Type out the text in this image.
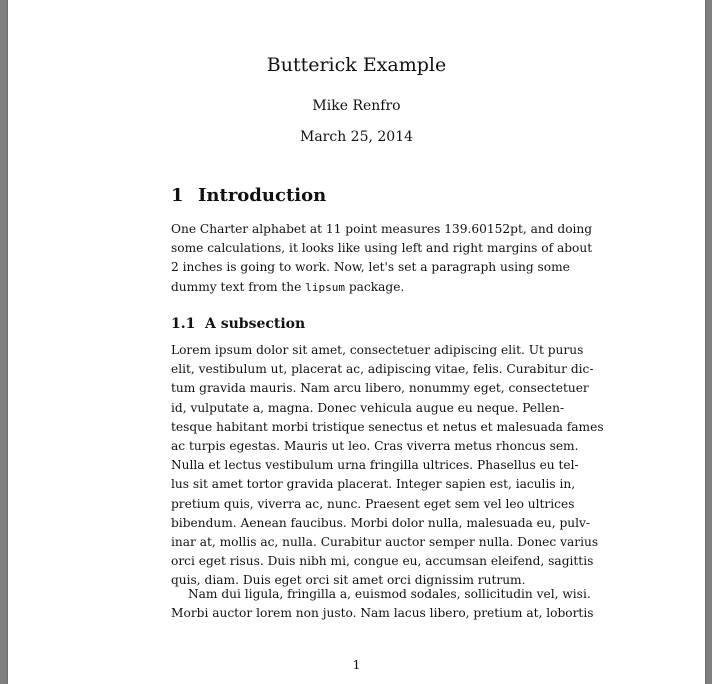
Butterick Example
Mike Renfro
March 25, 2014
1 Introduction
One Charter alphabet at 11 point measures 139.60152pt, and doing
some calculations, it looks like using left and right margins of about
2 inches is going to work. Now, let's set a paragraph using some
dummy text from the lipsum package.
1.1 A subsection
Lorem ipsum dolor sit amet, consectetuer adipiscing elit. Ut purus
elit, vestibulum ut, placerat ac, adipiscing vitae, felis. Curabitur dic-
tum gravida mauris. Nam arcu libero, nonummy eget, consectetuer
id, vulputate a, magna. Donec vehicula augue eu neque. Pellen-
tesque habitant morbi tristique senectus et netus et malesuada fames
ac turpis egestas. Mauris ut leo. Cras viverra metus rhoncus sem.
Nulla et lectus vestibulum urna fringilla ultrices. Phasellus eu tel-
lus sit amet tortor gravida placerat. Integer sapien est, iaculis in,
pretium quis, viverra ac, nunc. Praesent eget sem vel leo ultrices
bibendum. Aenean faucibus. Morbi dolor nulla, malesuada eu, pulv-
inar at, mollis ac, nulla. Curabitur auctor semper nulla. Donec varius
orci eget risus. Duis nibh mi, congue eu, accumsan eleifend, sagittis
quis, diam. Duis eget orci sit amet orci dignissim rutrum.
Nam dui ligula, fringilla a, euismod sodales, sollicitudin vel, wisi.
Morbi auctor lorem non justo. Nam lacus libero, pretium at, lobortis
1
